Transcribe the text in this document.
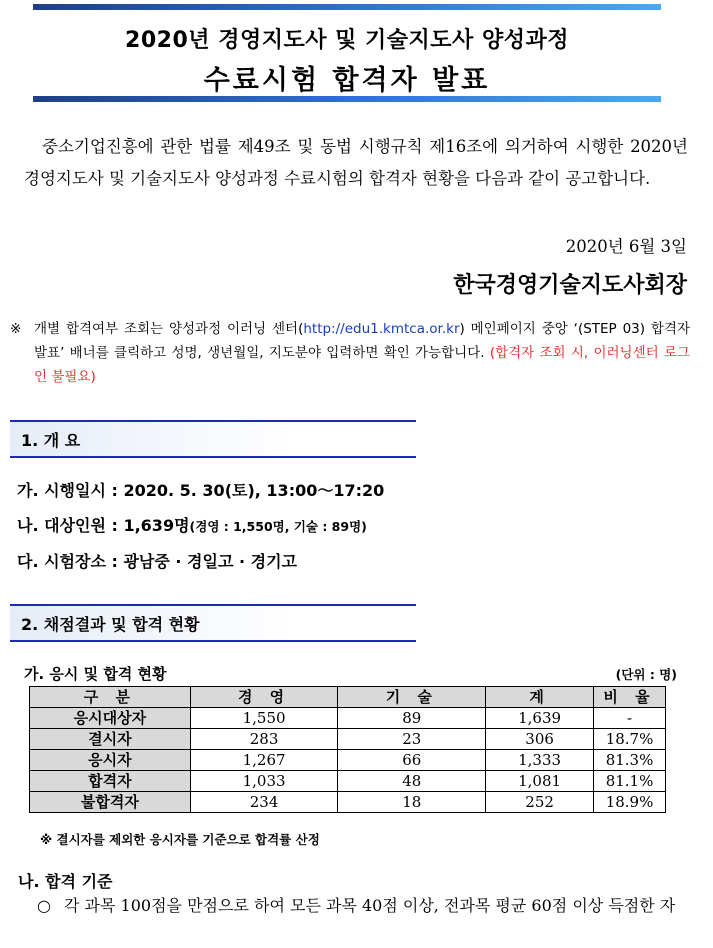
2020년 경영지도사 및 기술지도사 양성과정
수료시험 합격자 발표
중소기업진흥에 관한 법률 제49조 및 동법 시행규칙 제16조에 의거하여 시행한 2020년 경영지도사 및 기술지도사 양성과정 수료시험의 합격자 현황을 다음과 같이 공고합니다.
2020년 6월 3일
한국경영기술지도사회장
※ 개별 합격여부 조회는 양성과정 이러닝 센터(http://edu1.kmtca.or.kr) 메인페이지 중앙 ‘(STEP 03) 합격자 발표’ 배너를 클릭하고 성명, 생년월일, 지도분야 입력하면 확인 가능합니다. (합격자 조회 시, 이러닝센터 로그인 불필요)
1. 개 요
가. 시행일시 : 2020. 5. 30(토), 13:00～17:20
나. 대상인원 : 1,639명(경영 : 1,550명, 기술 : 89명)
다. 시험장소 : 광남중 · 경일고 · 경기고
2. 채점결과 및 합격 현황
가. 응시 및 합격 현황	(단위 : 명)
구 분	경 영	기 술	계	비 율
응시대상자	1,550	89	1,639	-
결시자	283	23	306	18.7%
응시자	1,267	66	1,333	81.3%
합격자	1,033	48	1,081	81.1%
불합격자	234	18	252	18.9%
※ 결시자를 제외한 응시자를 기준으로 합격률 산정
나. 합격 기준
○ 각 과목 100점을 만점으로 하여 모든 과목 40점 이상, 전과목 평균 60점 이상 득점한 자
